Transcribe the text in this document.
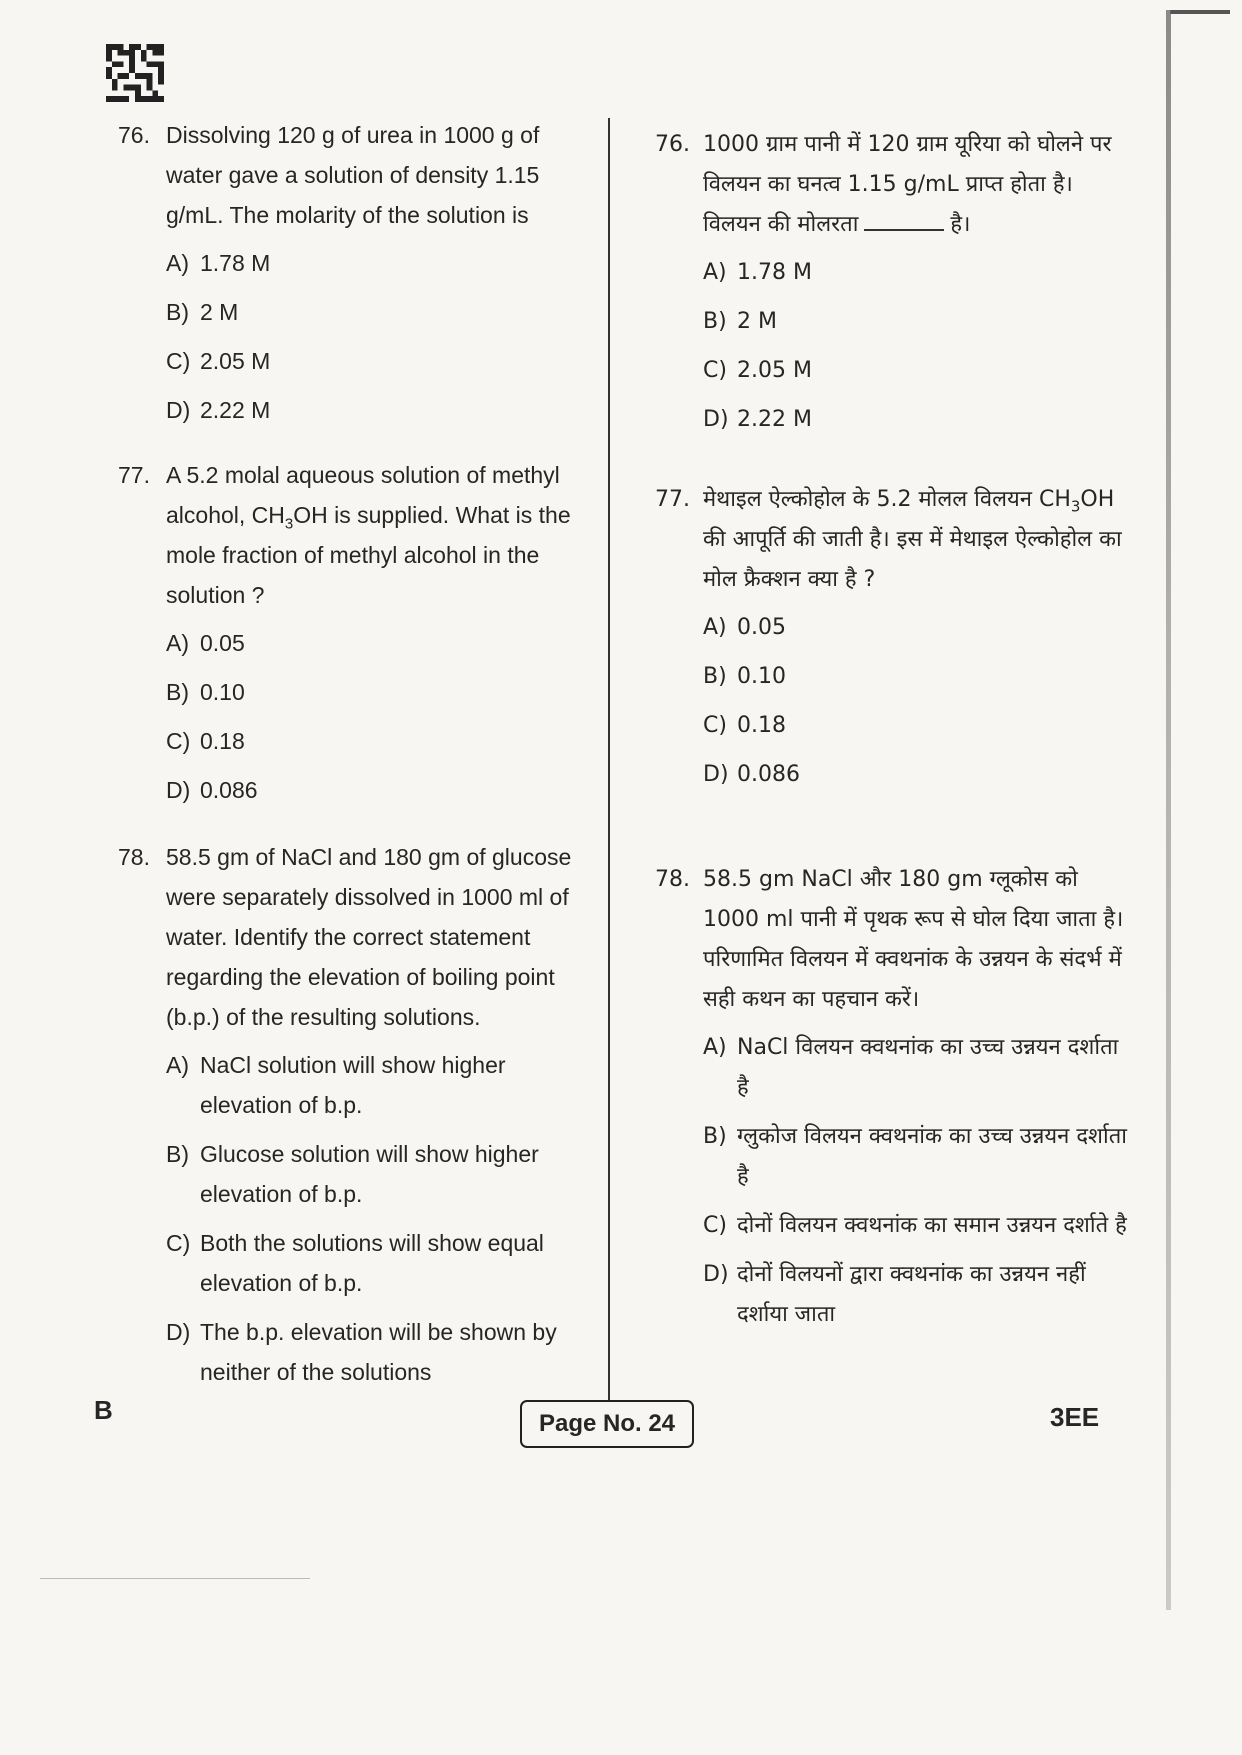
76. Dissolving 120 g of urea in 1000 g of water gave a solution of density 1.15 g/mL. The molarity of the solution is
A) 1.78 M
B) 2 M
C) 2.05 M
D) 2.22 M
77. A 5.2 molal aqueous solution of methyl alcohol, $CH_3OH$ is supplied. What is the mole fraction of methyl alcohol in the solution ?
A) 0.05
B) 0.10
C) 0.18
D) 0.086
78. 58.5 gm of NaCl and 180 gm of glucose were separately dissolved in 1000 ml of water. Identify the correct statement regarding the elevation of boiling point (b.p.) of the resulting solutions.
A) NaCl solution will show higher elevation of b.p.
B) Glucose solution will show higher elevation of b.p.
C) Both the solutions will show equal elevation of b.p.
D) The b.p. elevation will be shown by neither of the solutions
76. 1000 ग्राम पानी में 120 ग्राम यूरिया को घोलने पर विलयन का घनत्व 1.15 g/mL प्राप्त होता है। विलयन की मोलरता	है।
A) 1.78 M
B) 2 M
C) 2.05 M
D) 2.22 M
77. मेथाइल ऐल्कोहोल के 5.2 मोलल विलयन $CH_3OH$ की आपूर्ति की जाती है। इस में मेथाइल ऐल्कोहोल का मोल फ्रैक्शन क्या है ?
A) 0.05
B) 0.10
C) 0.18
D) 0.086
78. 58.5 gm NaCl और 180 gm ग्लूकोस को 1000 ml पानी में पृथक रूप से घोल दिया जाता है। परिणामित विलयन में क्वथनांक के उन्नयन के संदर्भ में सही कथन का पहचान करें।
A) NaCl विलयन क्वथनांक का उच्च उन्नयन दर्शाता है
B) ग्लुकोज विलयन क्वथनांक का उच्च उन्नयन दर्शाता है
C) दोनों विलयन क्वथनांक का समान उन्नयन दर्शाते है
D) दोनों विलयनों द्वारा क्वथनांक का उन्नयन नहीं दर्शाया जाता
B	Page No. 24	3EE
